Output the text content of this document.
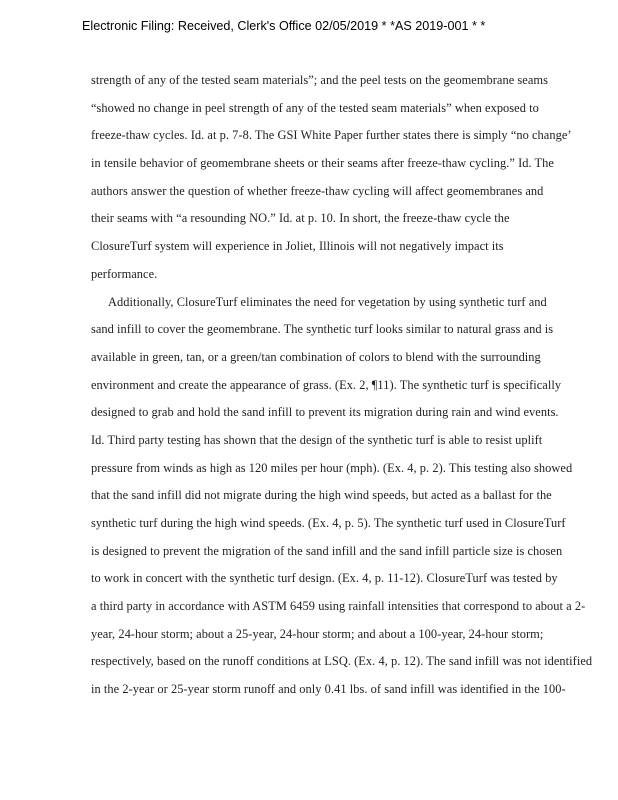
Electronic Filing: Received, Clerk's Office 02/05/2019 * *AS 2019-001 * *
strength of any of the tested seam materials”; and the peel tests on the geomembrane seams
“showed no change in peel strength of any of the tested seam materials” when exposed to
freeze-thaw cycles. Id. at p. 7-8. The GSI White Paper further states there is simply “no change’
in tensile behavior of geomembrane sheets or their seams after freeze-thaw cycling.” Id. The
authors answer the question of whether freeze-thaw cycling will affect geomembranes and
their seams with “a resounding NO.” Id. at p. 10. In short, the freeze-thaw cycle the
ClosureTurf system will experience in Joliet, Illinois will not negatively impact its
performance.
Additionally, ClosureTurf eliminates the need for vegetation by using synthetic turf and
sand infill to cover the geomembrane. The synthetic turf looks similar to natural grass and is
available in green, tan, or a green/tan combination of colors to blend with the surrounding
environment and create the appearance of grass. (Ex. 2, ¶11). The synthetic turf is specifically
designed to grab and hold the sand infill to prevent its migration during rain and wind events.
Id. Third party testing has shown that the design of the synthetic turf is able to resist uplift
pressure from winds as high as 120 miles per hour (mph). (Ex. 4, p. 2). This testing also showed
that the sand infill did not migrate during the high wind speeds, but acted as a ballast for the
synthetic turf during the high wind speeds. (Ex. 4, p. 5). The synthetic turf used in ClosureTurf
is designed to prevent the migration of the sand infill and the sand infill particle size is chosen
to work in concert with the synthetic turf design. (Ex. 4, p. 11-12). ClosureTurf was tested by
a third party in accordance with ASTM 6459 using rainfall intensities that correspond to about a 2-
year, 24-hour storm; about a 25-year, 24-hour storm; and about a 100-year, 24-hour storm;
respectively, based on the runoff conditions at LSQ. (Ex. 4, p. 12). The sand infill was not identified
in the 2-year or 25-year storm runoff and only 0.41 lbs. of sand infill was identified in the 100-
